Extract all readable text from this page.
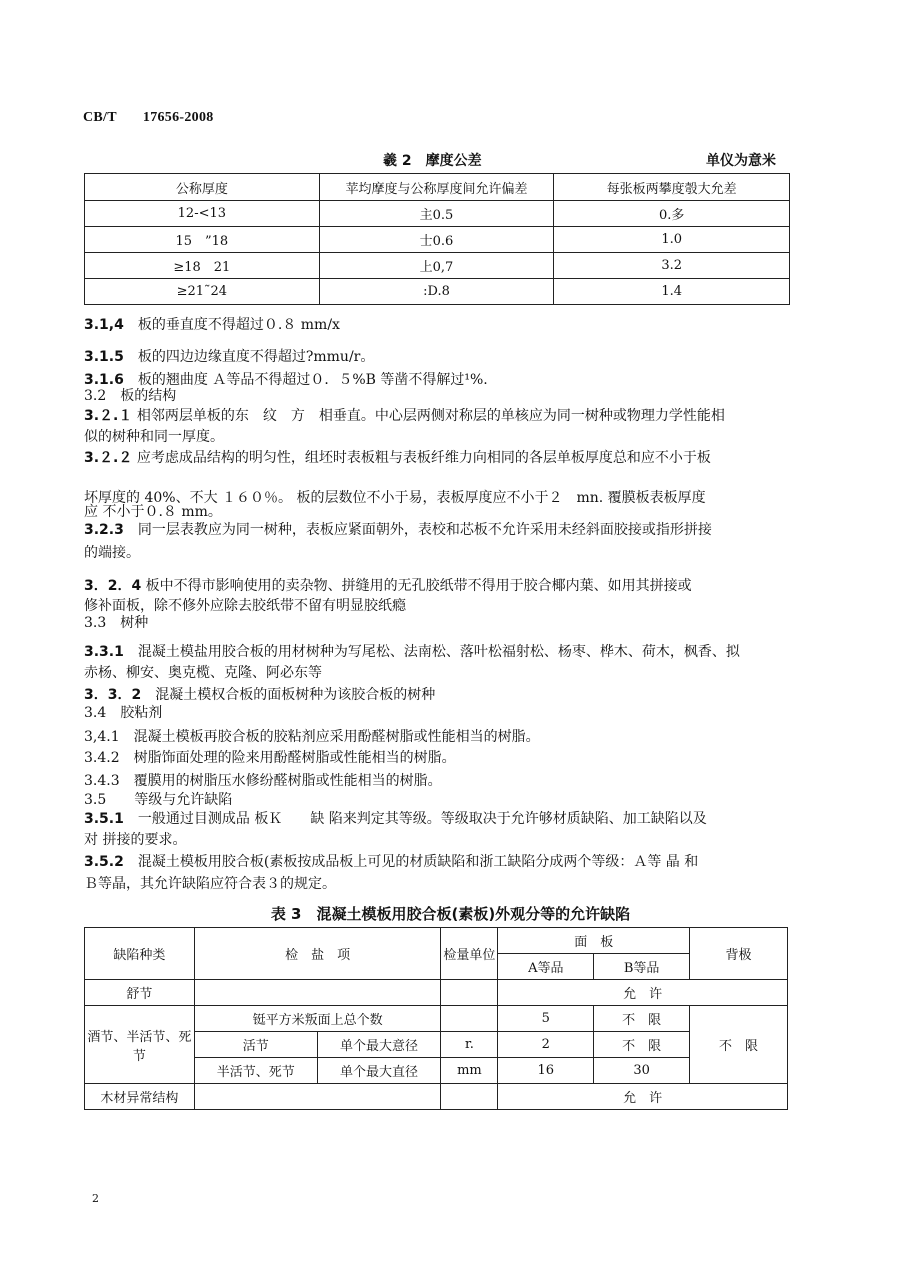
CB/T 17656-2008
羲 2　摩度公差	单仪为意米
公称厚度	苹均摩度与公称厚度间允许偏差	每张板两攀度彀大允差
12-<13	主0.5	0.多
15　”18	士0.6	1.0
≥18　21	上0,7	3.2
≥21˜24	:D.8	1.4
3.1,4　板的垂直度不得超过０.８ mm/x
3.1.5　板的四边边缘直度不得超过?mmu/r。
3.1.6　板的翘曲度 Ａ等品不得超过０．５%B 等凿不得解过¹%.
3.2　板的结构
3.２.１ 相邻两层单板的东　纹　方　相垂直。中心层两侧对称层的单核应为同一树种或物理力学性能相
似的树种和同一厚度。
3.２.２ 应考虑成品结构的明匀性，组坯时表板粗与表板纤维力向相同的各层单板厚度总和应不小于板
坏厚度的 40%、不大 １６０％。 板的层数位不小于易，表板厚度应不小于２　mn. 覆膜板表板厚度
应 不小于０.８ mm。
3.2.3　同一层表教应为同一树种，表板应紧面朝外，表校和芯板不允许采用未经斜面胶接或指形拼接
的端接。
3．2．4 板中不得市影响使用的卖杂物、拼缝用的无孔胶纸带不得用于胶合椰内葉、如用其拼接或
修补面板，除不修外应除去胶纸带不留有明显胶纸瘾
3.3　树种
3.3.1　混凝土模盐用胶合板的用材树种为写尾松、法南松、落叶松福射松、杨枣、桦木、荷木，枫香、拟
赤杨、柳安、奥克榄、克隆、阿必东等
3．3．2　混凝土模权合板的面板树种为该胶合板的树种
3.4　胶粘剂
3,4.1　混凝土模板再胶合板的胶粘剂应采用酚醛树脂或性能相当的树脂。
3.4.2　树脂饰面处理的险来用酚醛树脂或性能相当的树脂。
3.4.3　覆膜用的树脂压水修纷醛树脂或性能相当的树脂。
3.5　　等级与允许缺陷
3.5.1　一般通过目测成品 板Ｋ　　缺 陷来判定其等级。等级取决于允许够材质缺陷、加工缺陷以及
对 拼接的要求。
3.5.2　混凝土模板用胶合板(素板按成品板上可见的材质缺陷和浙工缺陷分成两个等级：Ａ等 晶 和
Ｂ等晶，其允许缺陷应符合表３的规定。
表 3　混凝土模板用胶合板(素板)外观分等的允许缺陷
缺陷种类	检　盐　项		检量单位	面　板		背极
				A等品	B等品	
舒节				允　许		
酒节、半活节、死节	铤平方米叛面上总个数			5	不　限	不　限
	活节	单个最大意径	r.	2	不　限	
	半活节、死节	单个最大直径	mm	16	30	
木材异常结构				允　许		
2
